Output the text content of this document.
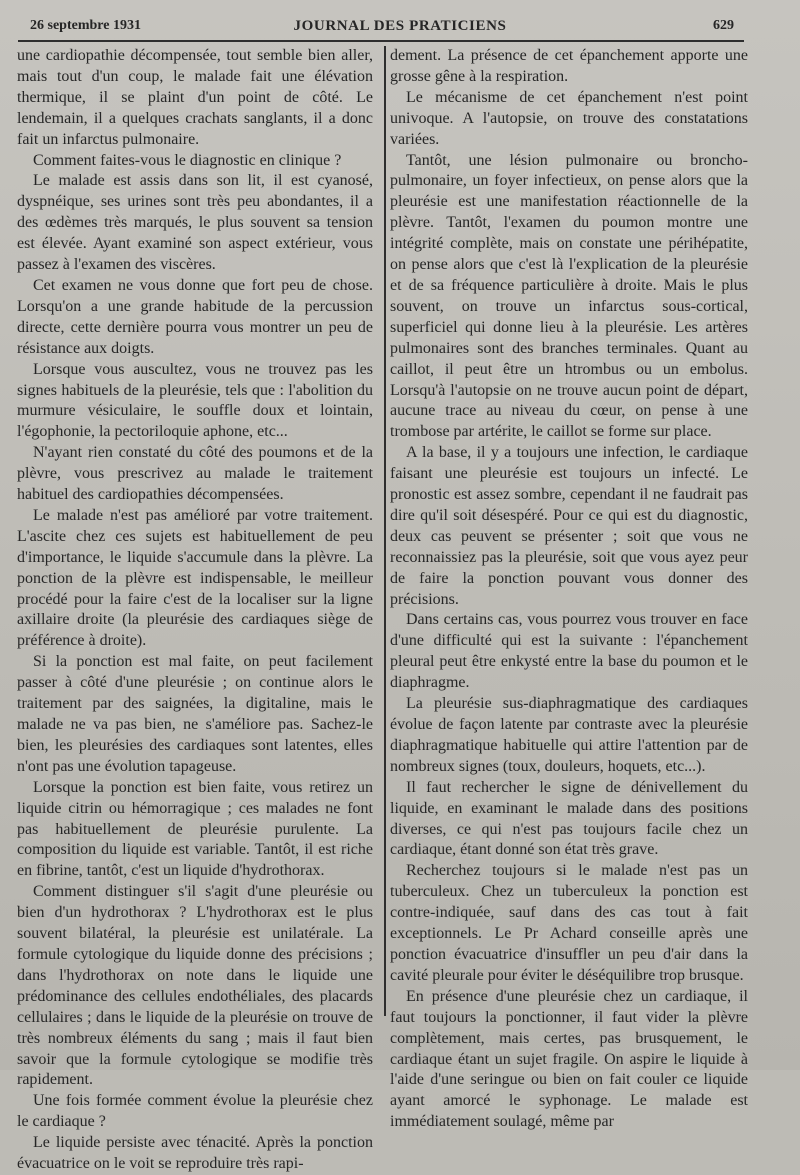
26 septembre 1931	JOURNAL DES PRATICIENS	629

une cardiopathie décompensée, tout semble bien aller, mais tout d'un coup, le malade fait une élévation thermique, il se plaint d'un point de côté. Le lendemain, il a quelques crachats sanglants, il a donc fait un infarctus pulmonaire.

Comment faites-vous le diagnostic en clinique ?

Le malade est assis dans son lit, il est cyanosé, dyspnéique, ses urines sont très peu abondantes, il a des œdèmes très marqués, le plus souvent sa tension est élevée. Ayant examiné son aspect extérieur, vous passez à l'examen des viscères.

Cet examen ne vous donne que fort peu de chose. Lorsqu'on a une grande habitude de la percussion directe, cette dernière pourra vous montrer un peu de résistance aux doigts.

Lorsque vous auscultez, vous ne trouvez pas les signes habituels de la pleurésie, tels que : l'abolition du murmure vésiculaire, le souffle doux et lointain, l'égophonie, la pectoriloquie aphone, etc...

N'ayant rien constaté du côté des poumons et de la plèvre, vous prescrivez au malade le traitement habituel des cardiopathies décompensées.

Le malade n'est pas amélioré par votre traitement. L'ascite chez ces sujets est habituellement de peu d'importance, le liquide s'accumule dans la plèvre. La ponction de la plèvre est indispensable, le meilleur procédé pour la faire c'est de la localiser sur la ligne axillaire droite (la pleurésie des cardiaques siège de préférence à droite).

Si la ponction est mal faite, on peut facilement passer à côté d'une pleurésie ; on continue alors le traitement par des saignées, la digitaline, mais le malade ne va pas bien, ne s'améliore pas. Sachez-le bien, les pleurésies des cardiaques sont latentes, elles n'ont pas une évolution tapageuse.

Lorsque la ponction est bien faite, vous retirez un liquide citrin ou hémorragique ; ces malades ne font pas habituellement de pleurésie purulente. La composition du liquide est variable. Tantôt, il est riche en fibrine, tantôt, c'est un liquide d'hydrothorax.

Comment distinguer s'il s'agit d'une pleurésie ou bien d'un hydrothorax ? L'hydrothorax est le plus souvent bilatéral, la pleurésie est unilatérale. La formule cytologique du liquide donne des précisions ; dans l'hydrothorax on note dans le liquide une prédominance des cellules endothéliales, des placards cellulaires ; dans le liquide de la pleurésie on trouve de très nombreux éléments du sang ; mais il faut bien savoir que la formule cytologique se modifie très rapidement.

Une fois formée comment évolue la pleurésie chez le cardiaque ?

Le liquide persiste avec ténacité. Après la ponction évacuatrice on le voit se reproduire très rapi-

dement. La présence de cet épanchement apporte une grosse gêne à la respiration.

Le mécanisme de cet épanchement n'est point univoque. A l'autopsie, on trouve des constatations variées.

Tantôt, une lésion pulmonaire ou broncho-pulmonaire, un foyer infectieux, on pense alors que la pleurésie est une manifestation réactionnelle de la plèvre. Tantôt, l'examen du poumon montre une intégrité complète, mais on constate une périhépatite, on pense alors que c'est là l'explication de la pleurésie et de sa fréquence particulière à droite. Mais le plus souvent, on trouve un infarctus sous-cortical, superficiel qui donne lieu à la pleurésie. Les artères pulmonaires sont des branches terminales. Quant au caillot, il peut être un htrombus ou un embolus. Lorsqu'à l'autopsie on ne trouve aucun point de départ, aucune trace au niveau du cœur, on pense à une trombose par artérite, le caillot se forme sur place.

A la base, il y a toujours une infection, le cardiaque faisant une pleurésie est toujours un infecté. Le pronostic est assez sombre, cependant il ne faudrait pas dire qu'il soit désespéré. Pour ce qui est du diagnostic, deux cas peuvent se présenter ; soit que vous ne reconnaissiez pas la pleurésie, soit que vous ayez peur de faire la ponction pouvant vous donner des précisions.

Dans certains cas, vous pourrez vous trouver en face d'une difficulté qui est la suivante : l'épanchement pleural peut être enkysté entre la base du poumon et le diaphragme.

La pleurésie sus-diaphragmatique des cardiaques évolue de façon latente par contraste avec la pleurésie diaphragmatique habituelle qui attire l'attention par de nombreux signes (toux, douleurs, hoquets, etc...).

Il faut rechercher le signe de dénivellement du liquide, en examinant le malade dans des positions diverses, ce qui n'est pas toujours facile chez un cardiaque, étant donné son état très grave.

Recherchez toujours si le malade n'est pas un tuberculeux. Chez un tuberculeux la ponction est contre-indiquée, sauf dans des cas tout à fait exceptionnels. Le Pr Achard conseille après une ponction évacuatrice d'insuffler un peu d'air dans la cavité pleurale pour éviter le déséquilibre trop brusque.

En présence d'une pleurésie chez un cardiaque, il faut toujours la ponctionner, il faut vider la plèvre complètement, mais certes, pas brusquement, le cardiaque étant un sujet fragile. On aspire le liquide à l'aide d'une seringue ou bien on fait couler ce liquide ayant amorcé le syphonage. Le malade est immédiatement soulagé, même par
